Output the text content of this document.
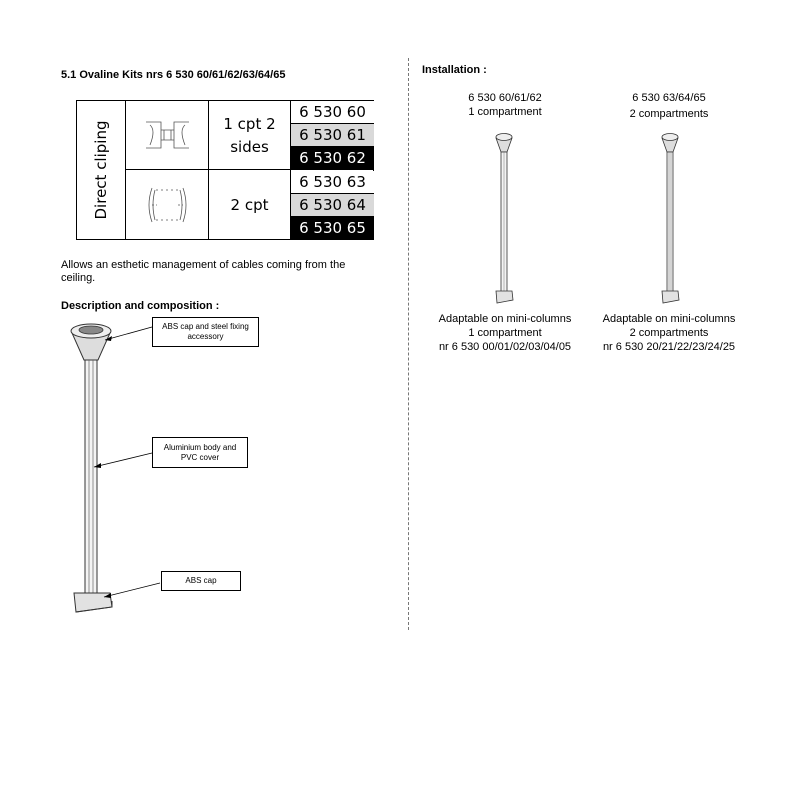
5.1 Ovaline Kits nrs 6 530 60/61/62/63/64/65
Direct cliping	1 cpt 2
sides
6 530 60
6 530 61
6 530 62
2 cpt
6 530 63
6 530 64
6 530 65
Allows an esthetic management of cables coming from the
ceiling.
Description and composition :
ABS cap and steel fixing
accessory
Aluminium body and
PVC cover
ABS cap
Installation :
6 530 60/61/62
1 compartment
6 530 63/64/65
2 compartments
Adaptable on mini-columns
1 compartment
nr 6 530 00/01/02/03/04/05
Adaptable on mini-columns
2 compartments
nr 6 530 20/21/22/23/24/25
